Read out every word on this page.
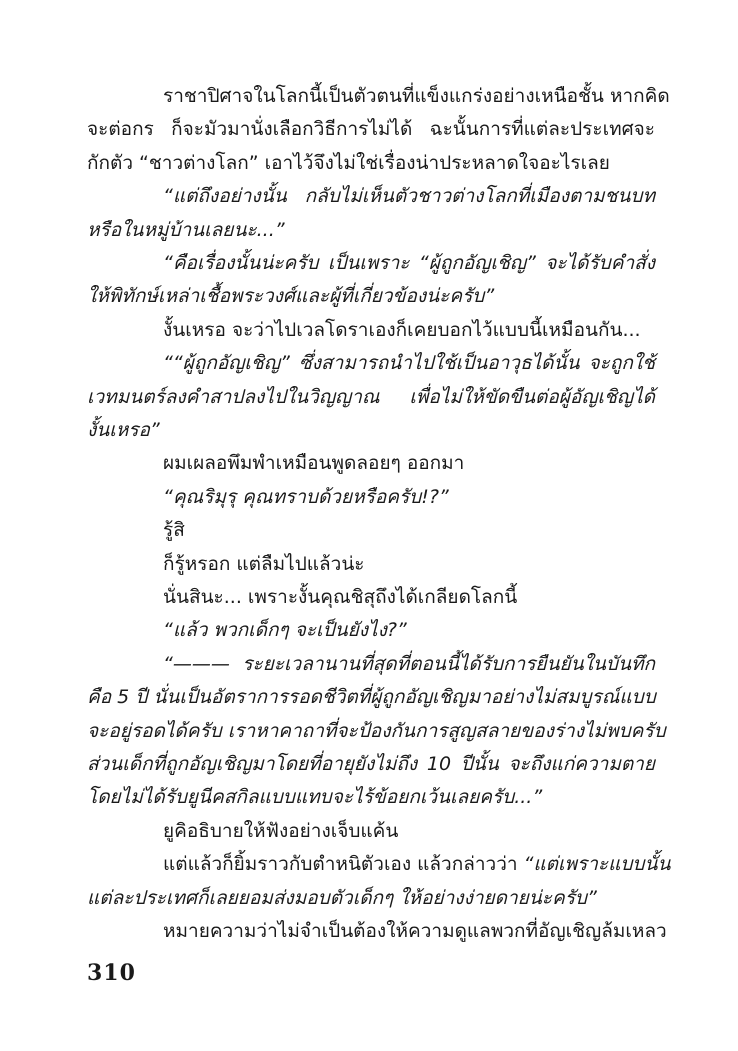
ราชาปิศาจในโลกนี้เป็นตัวตนที่แข็งแกร่งอย่างเหนือชั้น หากคิด
จะต่อกร ก็จะมัวมานั่งเลือกวิธีการไม่ได้ ฉะนั้นการที่แต่ละประเทศจะ
กักตัว “ชาวต่างโลก” เอาไว้จึงไม่ใช่เรื่องน่าประหลาดใจอะไรเลย
“แต่ถึงอย่างนั้น กลับไม่เห็นตัวชาวต่างโลกที่เมืองตามชนบท
หรือในหมู่บ้านเลยนะ...”
“คือเรื่องนั้นน่ะครับ เป็นเพราะ “ผู้ถูกอัญเชิญ” จะได้รับคำสั่ง
ให้พิทักษ์เหล่าเชื้อพระวงศ์และผู้ที่เกี่ยวข้องน่ะครับ”
งั้นเหรอ จะว่าไปเวลโดราเองก็เคยบอกไว้แบบนี้เหมือนกัน...
““ผู้ถูกอัญเชิญ” ซึ่งสามารถนำไปใช้เป็นอาวุธได้นั้น จะถูกใช้
เวทมนตร์ลงคำสาปลงไปในวิญญาณ เพื่อไม่ให้ขัดขืนต่อผู้อัญเชิญได้
งั้นเหรอ”
ผมเผลอพึมพำเหมือนพูดลอยๆ ออกมา
“คุณริมุรุ คุณทราบด้วยหรือครับ!?”
รู้สิ
ก็รู้หรอก แต่ลืมไปแล้วน่ะ
นั่นสินะ... เพราะงั้นคุณชิสุถึงได้เกลียดโลกนี้
“แล้ว พวกเด็กๆ จะเป็นยังไง?”
“——— ระยะเวลานานที่สุดที่ตอนนี้ได้รับการยืนยันในบันทึก
คือ 5 ปี นั่นเป็นอัตราการรอดชีวิตที่ผู้ถูกอัญเชิญมาอย่างไม่สมบูรณ์แบบ
จะอยู่รอดได้ครับ เราหาคาถาที่จะป้องกันการสูญสลายของร่างไม่พบครับ
ส่วนเด็กที่ถูกอัญเชิญมาโดยที่อายุยังไม่ถึง 10 ปีนั้น จะถึงแก่ความตาย
โดยไม่ได้รับยูนีคสกิลแบบแทบจะไร้ข้อยกเว้นเลยครับ...”
ยูคิอธิบายให้ฟังอย่างเจ็บแค้น
แต่แล้วก็ยิ้มราวกับตำหนิตัวเอง แล้วกล่าวว่า “แต่เพราะแบบนั้น
แต่ละประเทศก็เลยยอมส่งมอบตัวเด็กๆ ให้อย่างง่ายดายน่ะครับ”
หมายความว่าไม่จำเป็นต้องให้ความดูแลพวกที่อัญเชิญล้มเหลว
310
